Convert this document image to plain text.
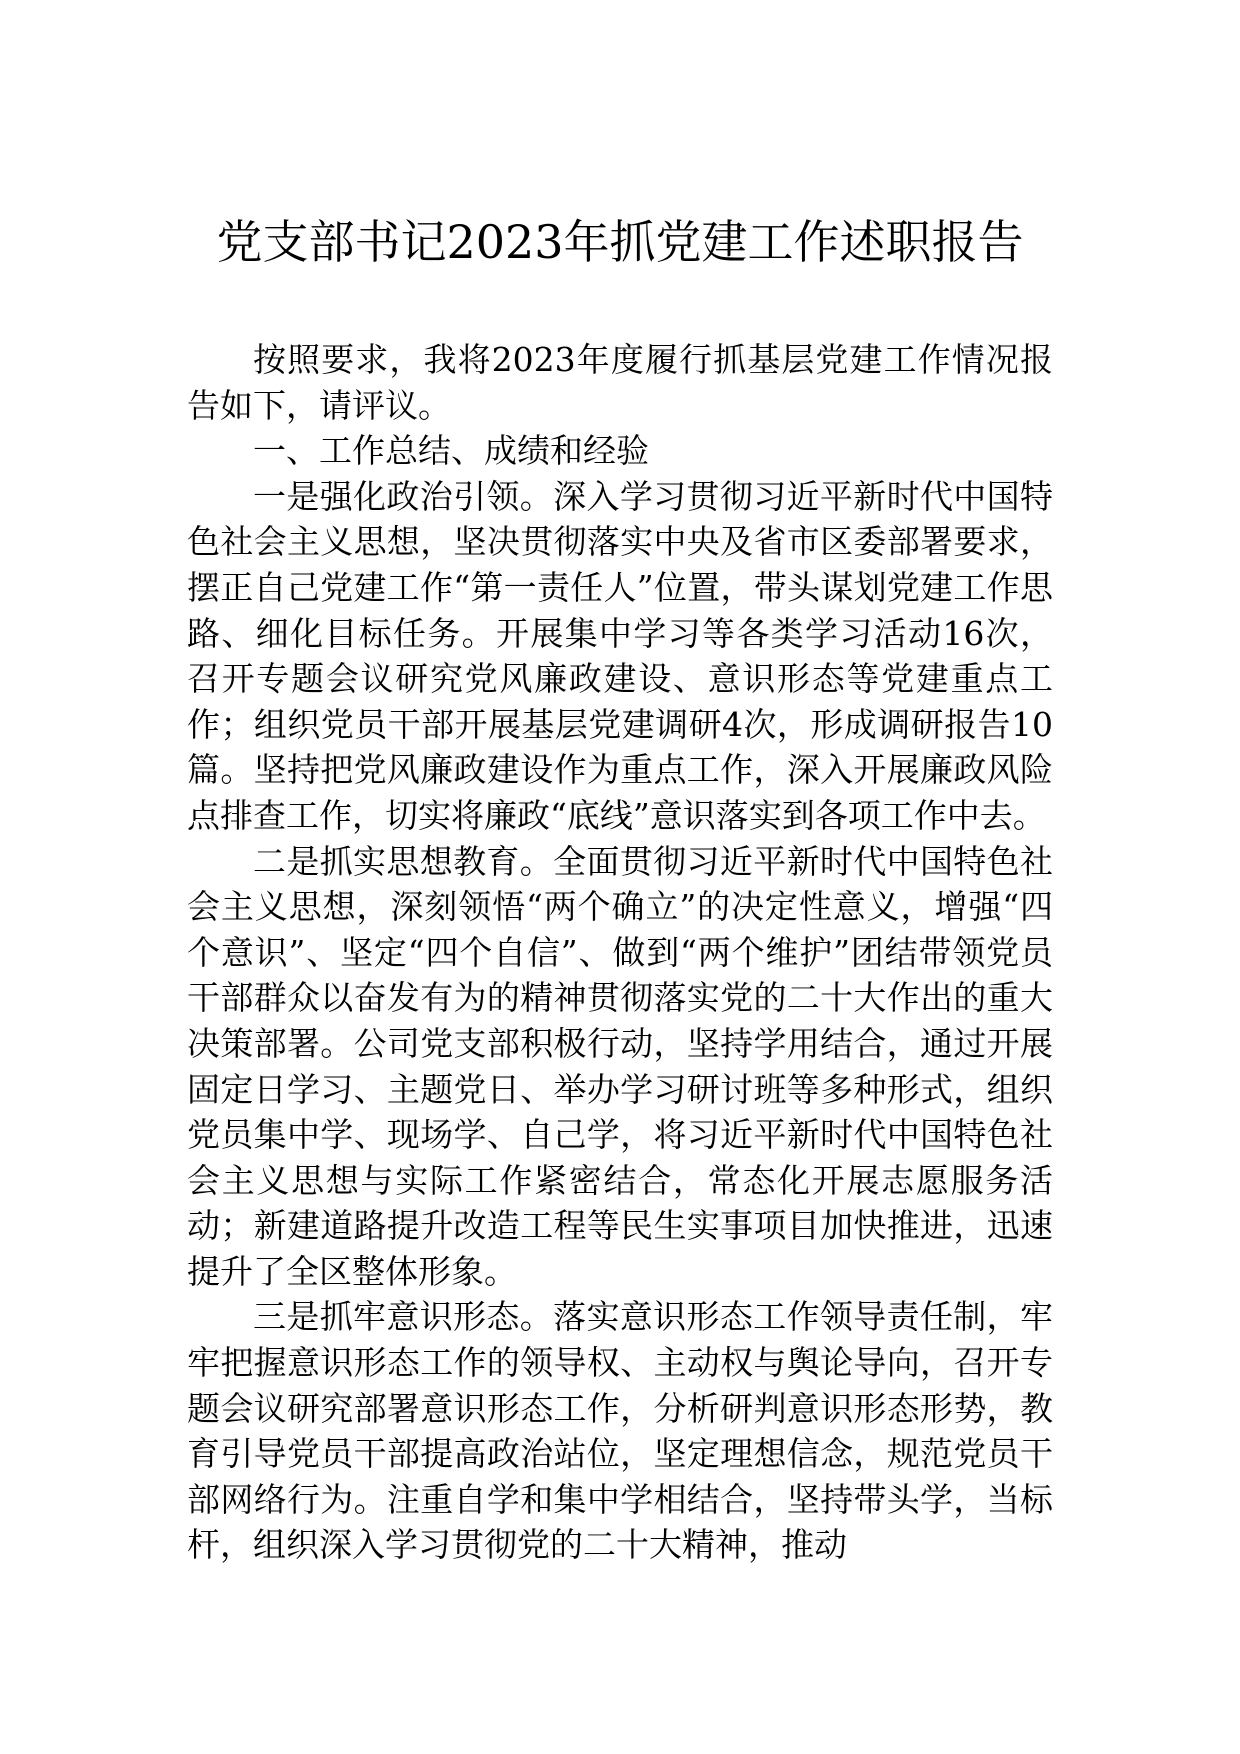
党支部书记2023年抓党建工作述职报告

按照要求，我将2023年度履行抓基层党建工作情况报告如下，请评议。

一、工作总结、成绩和经验

一是强化政治引领。深入学习贯彻习近平新时代中国特色社会主义思想，坚决贯彻落实中央及省市区委部署要求，摆正自己党建工作“第一责任人”位置，带头谋划党建工作思路、细化目标任务。开展集中学习等各类学习活动16次，召开专题会议研究党风廉政建设、意识形态等党建重点工作；组织党员干部开展基层党建调研4次，形成调研报告10篇。坚持把党风廉政建设作为重点工作，深入开展廉政风险点排查工作，切实将廉政“底线”意识落实到各项工作中去。

二是抓实思想教育。全面贯彻习近平新时代中国特色社会主义思想，深刻领悟“两个确立”的决定性意义，增强“四个意识”、坚定“四个自信”、做到“两个维护”团结带领党员干部群众以奋发有为的精神贯彻落实党的二十大作出的重大决策部署。公司党支部积极行动，坚持学用结合，通过开展固定日学习、主题党日、举办学习研讨班等多种形式，组织党员集中学、现场学、自己学，将习近平新时代中国特色社会主义思想与实际工作紧密结合，常态化开展志愿服务活动；新建道路提升改造工程等民生实事项目加快推进，迅速提升了全区整体形象。

三是抓牢意识形态。落实意识形态工作领导责任制，牢牢把握意识形态工作的领导权、主动权与舆论导向，召开专题会议研究部署意识形态工作，分析研判意识形态形势，教育引导党员干部提高政治站位，坚定理想信念，规范党员干部网络行为。注重自学和集中学相结合，坚持带头学，当标杆，组织深入学习贯彻党的二十大精神，推动
